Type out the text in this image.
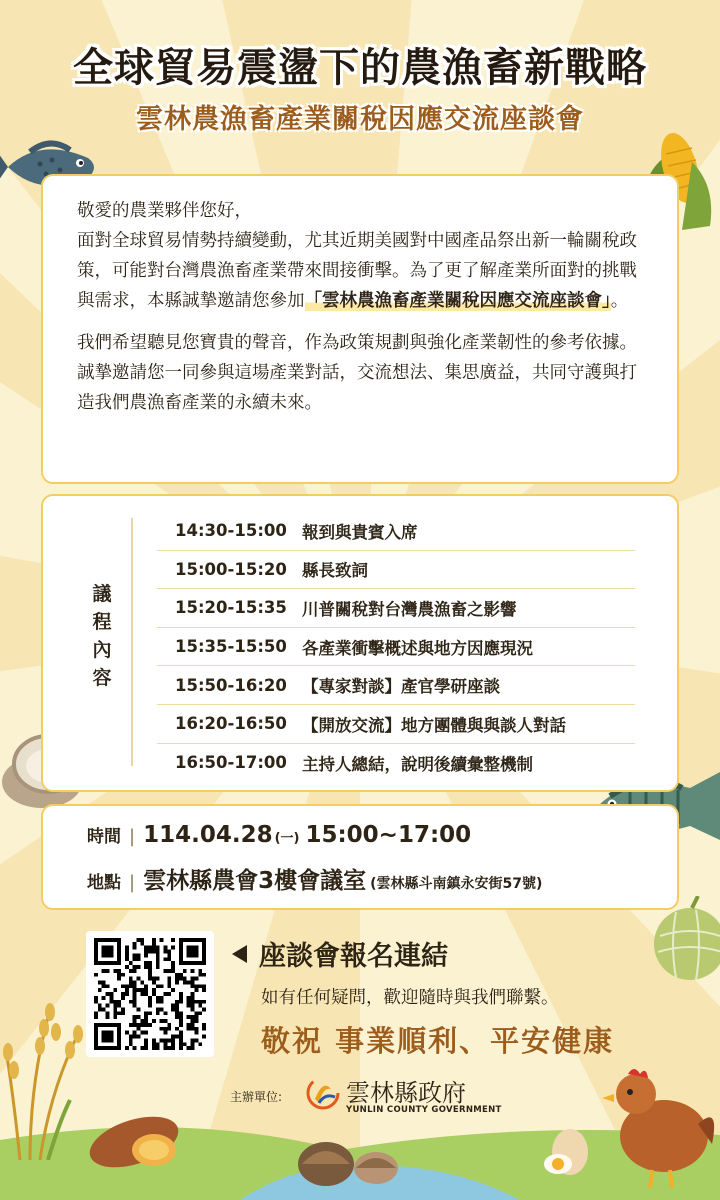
全球貿易震盪下的農漁畜新戰略
雲林農漁畜產業關稅因應交流座談會
敬愛的農業夥伴您好，
面對全球貿易情勢持續變動，尤其近期美國對中國產品祭出新一輪關稅政策，可能對台灣農漁畜產業帶來間接衝擊。為了更了解產業所面對的挑戰與需求，本縣誠摯邀請您參加「雲林農漁畜產業關稅因應交流座談會」。
我們希望聽見您寶貴的聲音，作為政策規劃與強化產業韌性的參考依據。誠摯邀請您一同參與這場產業對話，交流想法、集思廣益，共同守護與打造我們農漁畜產業的永續未來。
議程內容
14:30-15:00 報到與貴賓入席
15:00-15:20 縣長致詞
15:20-15:35 川普關稅對台灣農漁畜之影響
15:35-15:50 各產業衝擊概述與地方因應現況
15:50-16:20 【專家對談】產官學研座談
16:20-16:50 【開放交流】地方團體與與談人對話
16:50-17:00 主持人總結，說明後續彙整機制
時間 | 114.04.28 (一) 15:00~17:00
地點 | 雲林縣農會3樓會議室 (雲林縣斗南鎮永安街57號)
座談會報名連結
如有任何疑問，歡迎隨時與我們聯繫。
敬祝 事業順利、平安健康
主辦單位:	雲林縣政府
YUNLIN COUNTY GOVERNMENT
